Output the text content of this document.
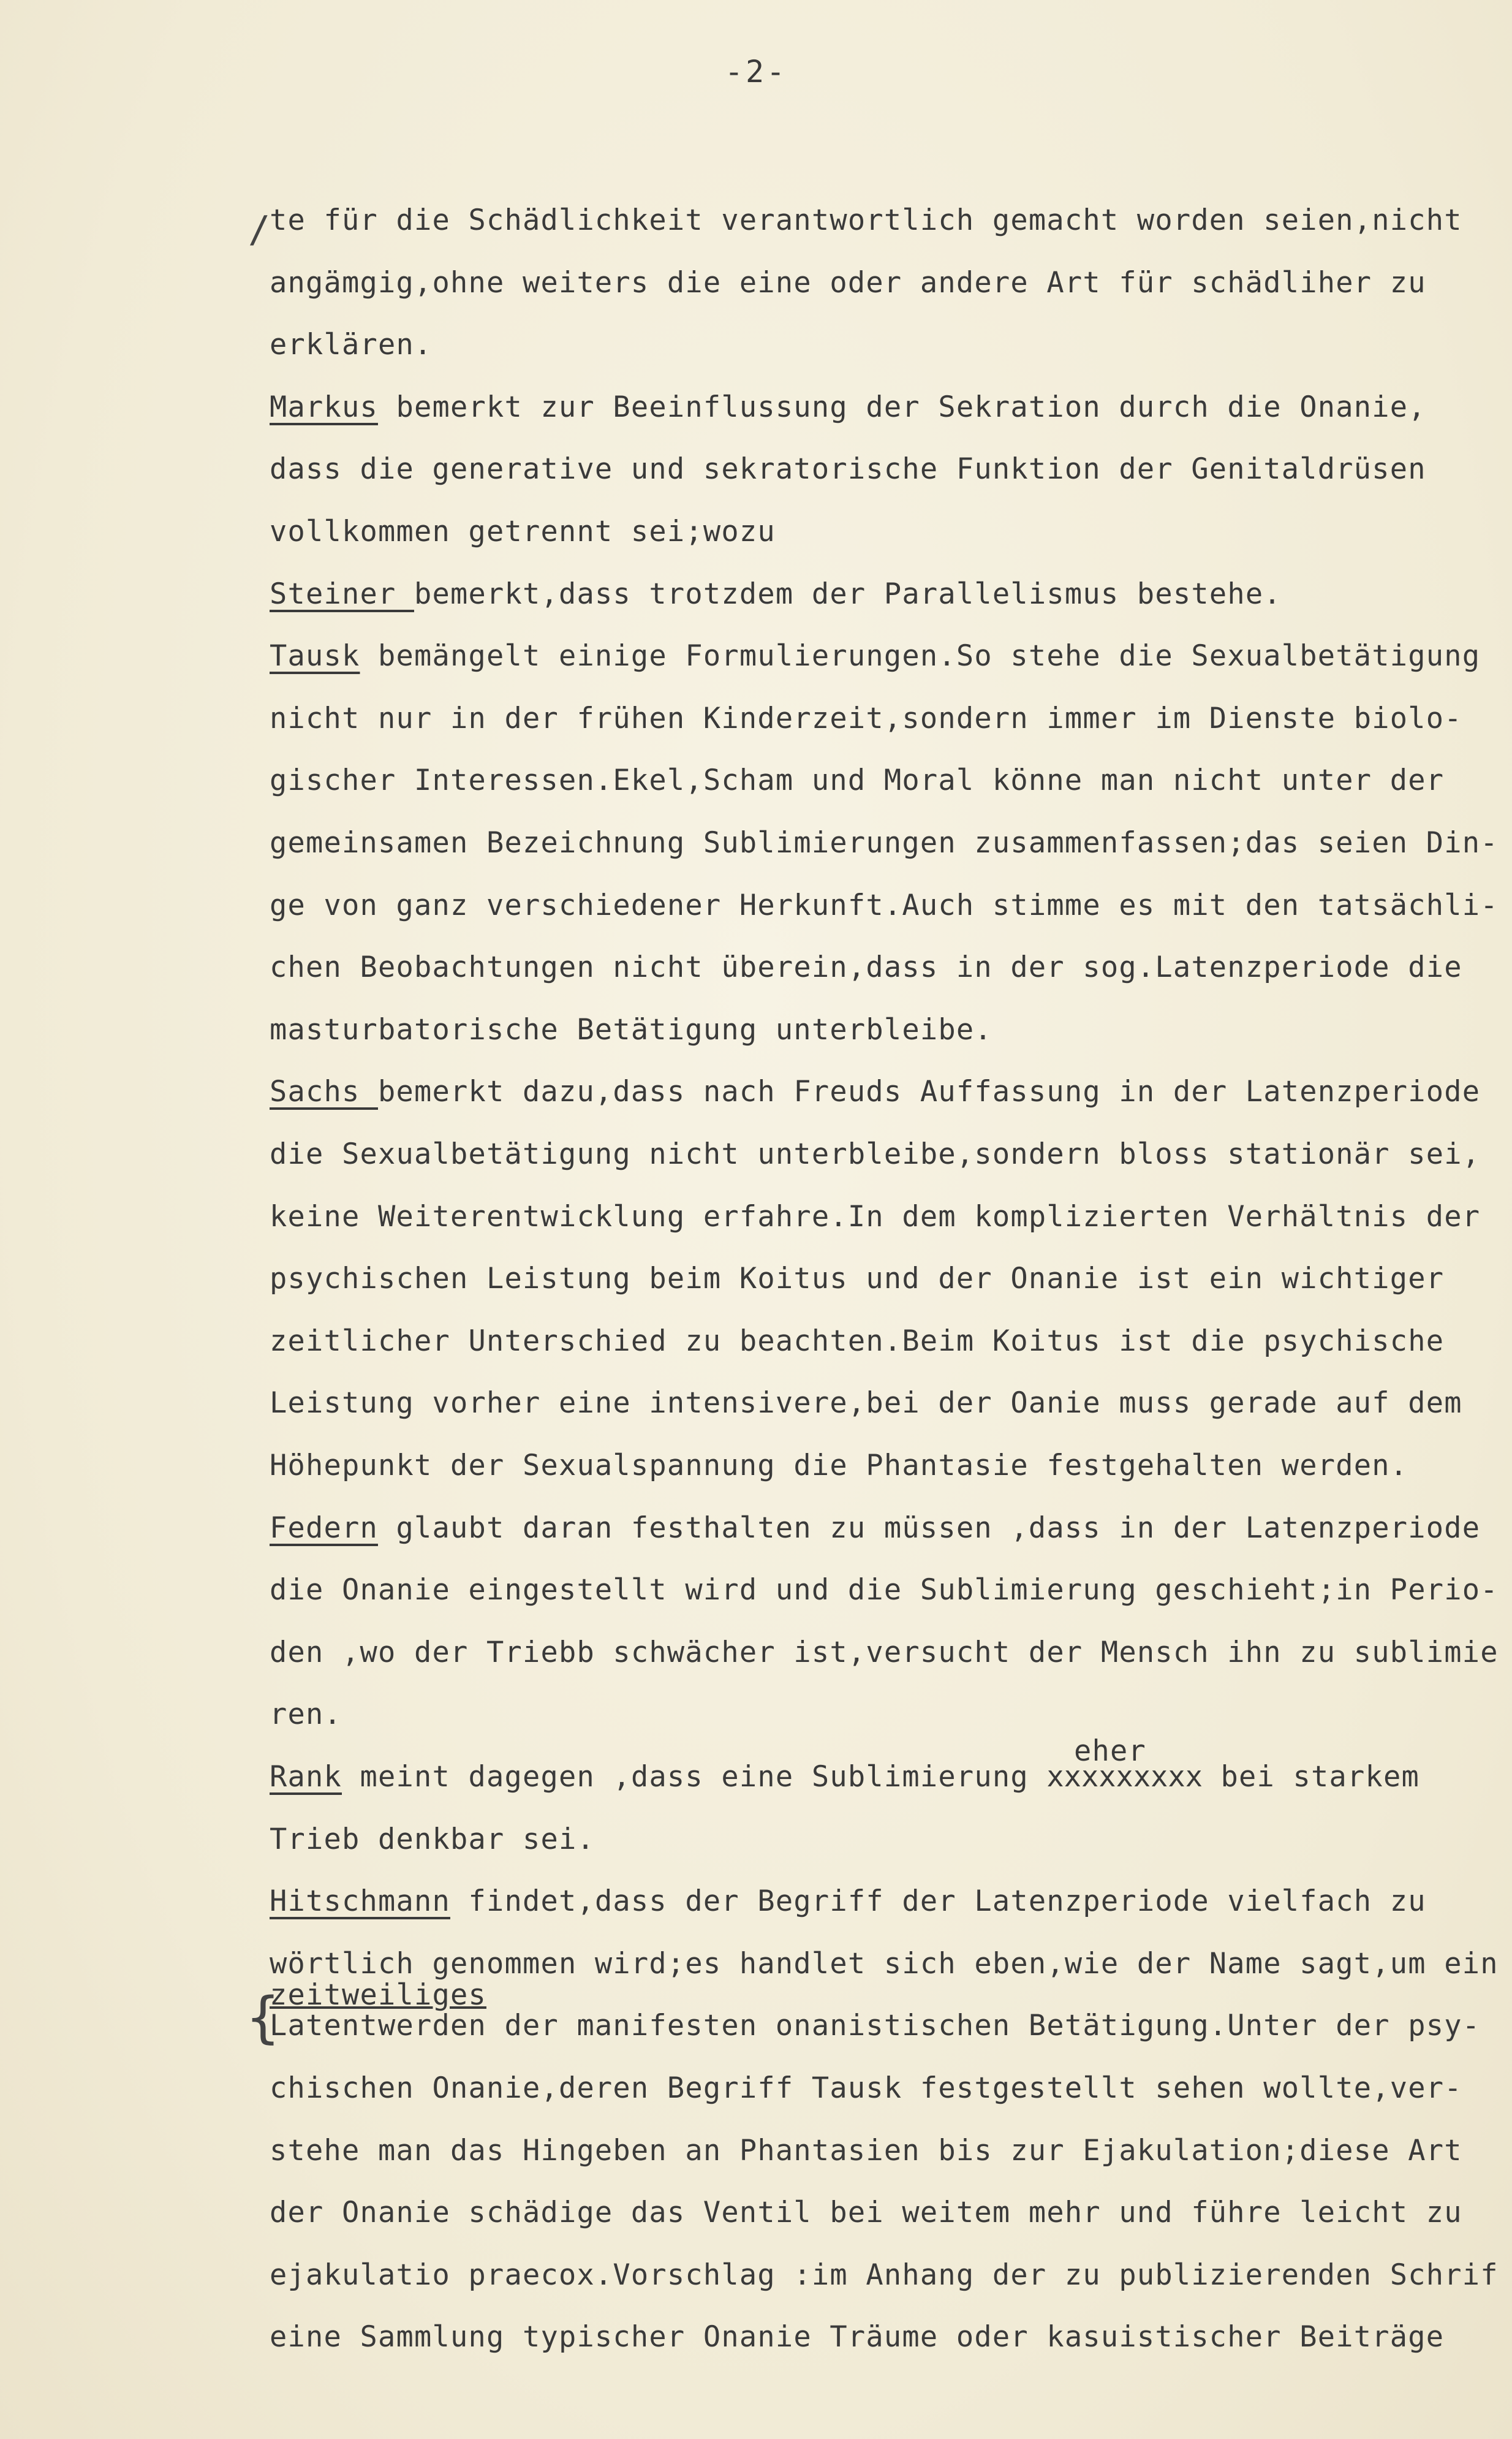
-2-
te für die Schädlichkeit verantwortlich gemacht worden seien,nicht
angämgig,ohne weiters die eine oder andere Art für schädliher zu
erklären.
Markus bemerkt zur Beeinflussung der Sekration durch die Onanie,
dass die generative und sekratorische Funktion der Genitaldrüsen
vollkommen getrennt sei;wozu
Steiner bemerkt,dass trotzdem der Parallelismus bestehe.
Tausk bemängelt einige Formulierungen.So stehe die Sexualbetätigung
nicht nur in der frühen Kinderzeit,sondern immer im Dienste biolo-
gischer Interessen.Ekel,Scham und Moral könne man nicht unter der
gemeinsamen Bezeichnung Sublimierungen zusammenfassen;das seien Din-
ge von ganz verschiedener Herkunft.Auch stimme es mit den tatsächli-
chen Beobachtungen nicht überein,dass in der sog.Latenzperiode die
masturbatorische Betätigung unterbleibe.
Sachs bemerkt dazu,dass nach Freuds Auffassung in der Latenzperiode
die Sexualbetätigung nicht unterbleibe,sondern bloss stationär sei,
keine Weiterentwicklung erfahre.In dem komplizierten Verhältnis der
psychischen Leistung beim Koitus und der Onanie ist ein wichtiger
zeitlicher Unterschied zu beachten.Beim Koitus ist die psychische
Leistung vorher eine intensivere,bei der Oanie muss gerade auf dem
Höhepunkt der Sexualspannung die Phantasie festgehalten werden.
Federn glaubt daran festhalten zu müssen ,dass in der Latenzperiode
die Onanie eingestellt wird und die Sublimierung geschieht;in Perio-
den ,wo der Triebb schwächer ist,versucht der Mensch ihn zu sublimie
ren.
Rank meint dagegen ,dass eine Sublimierung xxxxxxxxx bei starkem
Trieb denkbar sei.
Hitschmann findet,dass der Begriff der Latenzperiode vielfach zu
wörtlich genommen wird;es handlet sich eben,wie der Name sagt,um ein
Latentwerden der manifesten onanistischen Betätigung.Unter der psy-
chischen Onanie,deren Begriff Tausk festgestellt sehen wollte,ver-
stehe man das Hingeben an Phantasien bis zur Ejakulation;diese Art
der Onanie schädige das Ventil bei weitem mehr und führe leicht zu
ejakulatio praecox.Vorschlag :im Anhang der zu publizierenden Schrif
eine Sammlung typischer Onanie Träume oder kasuistischer Beiträge
/
{
eher
zeitweiliges
